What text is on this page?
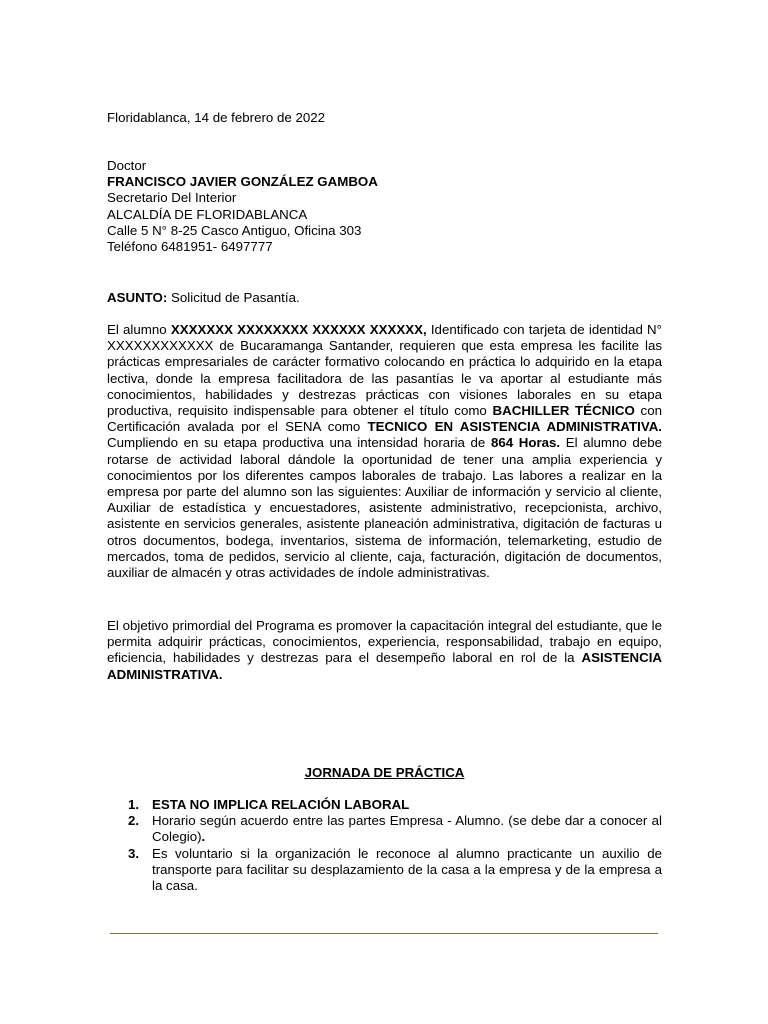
Floridablanca, 14 de febrero de 2022
Doctor
FRANCISCO JAVIER GONZÁLEZ GAMBOA
Secretario Del Interior
ALCALDÍA DE FLORIDABLANCA
Calle 5 N° 8-25 Casco Antiguo, Oficina 303
Teléfono 6481951- 6497777
ASUNTO: Solicitud de Pasantía.
El alumno XXXXXXX XXXXXXXX XXXXXX XXXXXX, Identificado con tarjeta de identidad N° XXXXXXXXXXXX de Bucaramanga Santander, requieren que esta empresa les facilite las prácticas empresariales de carácter formativo colocando en práctica lo adquirido en la etapa lectiva, donde la empresa facilitadora de las pasantías le va aportar al estudiante más conocimientos, habilidades y destrezas prácticas con visiones laborales en su etapa productiva, requisito indispensable para obtener el título como BACHILLER TÉCNICO con Certificación avalada por el SENA como TECNICO EN ASISTENCIA ADMINISTRATIVA. Cumpliendo en su etapa productiva una intensidad horaria de 864 Horas. El alumno debe rotarse de actividad laboral dándole la oportunidad de tener una amplia experiencia y conocimientos por los diferentes campos laborales de trabajo. Las labores a realizar en la empresa por parte del alumno son las siguientes: Auxiliar de información y servicio al cliente, Auxiliar de estadística y encuestadores, asistente administrativo, recepcionista, archivo, asistente en servicios generales, asistente planeación administrativa, digitación de facturas u otros documentos, bodega, inventarios, sistema de información, telemarketing, estudio de mercados, toma de pedidos, servicio al cliente, caja, facturación, digitación de documentos, auxiliar de almacén y otras actividades de índole administrativas.
El objetivo primordial del Programa es promover la capacitación integral del estudiante, que le permita adquirir prácticas, conocimientos, experiencia, responsabilidad, trabajo en equipo, eficiencia, habilidades y destrezas para el desempeño laboral en rol de la ASISTENCIA ADMINISTRATIVA.
JORNADA DE PRÁCTICA
1. ESTA NO IMPLICA RELACIÓN LABORAL
2. Horario según acuerdo entre las partes Empresa - Alumno. (se debe dar a conocer al Colegio).
3. Es voluntario si la organización le reconoce al alumno practicante un auxilio de transporte para facilitar su desplazamiento de la casa a la empresa y de la empresa a la casa.
